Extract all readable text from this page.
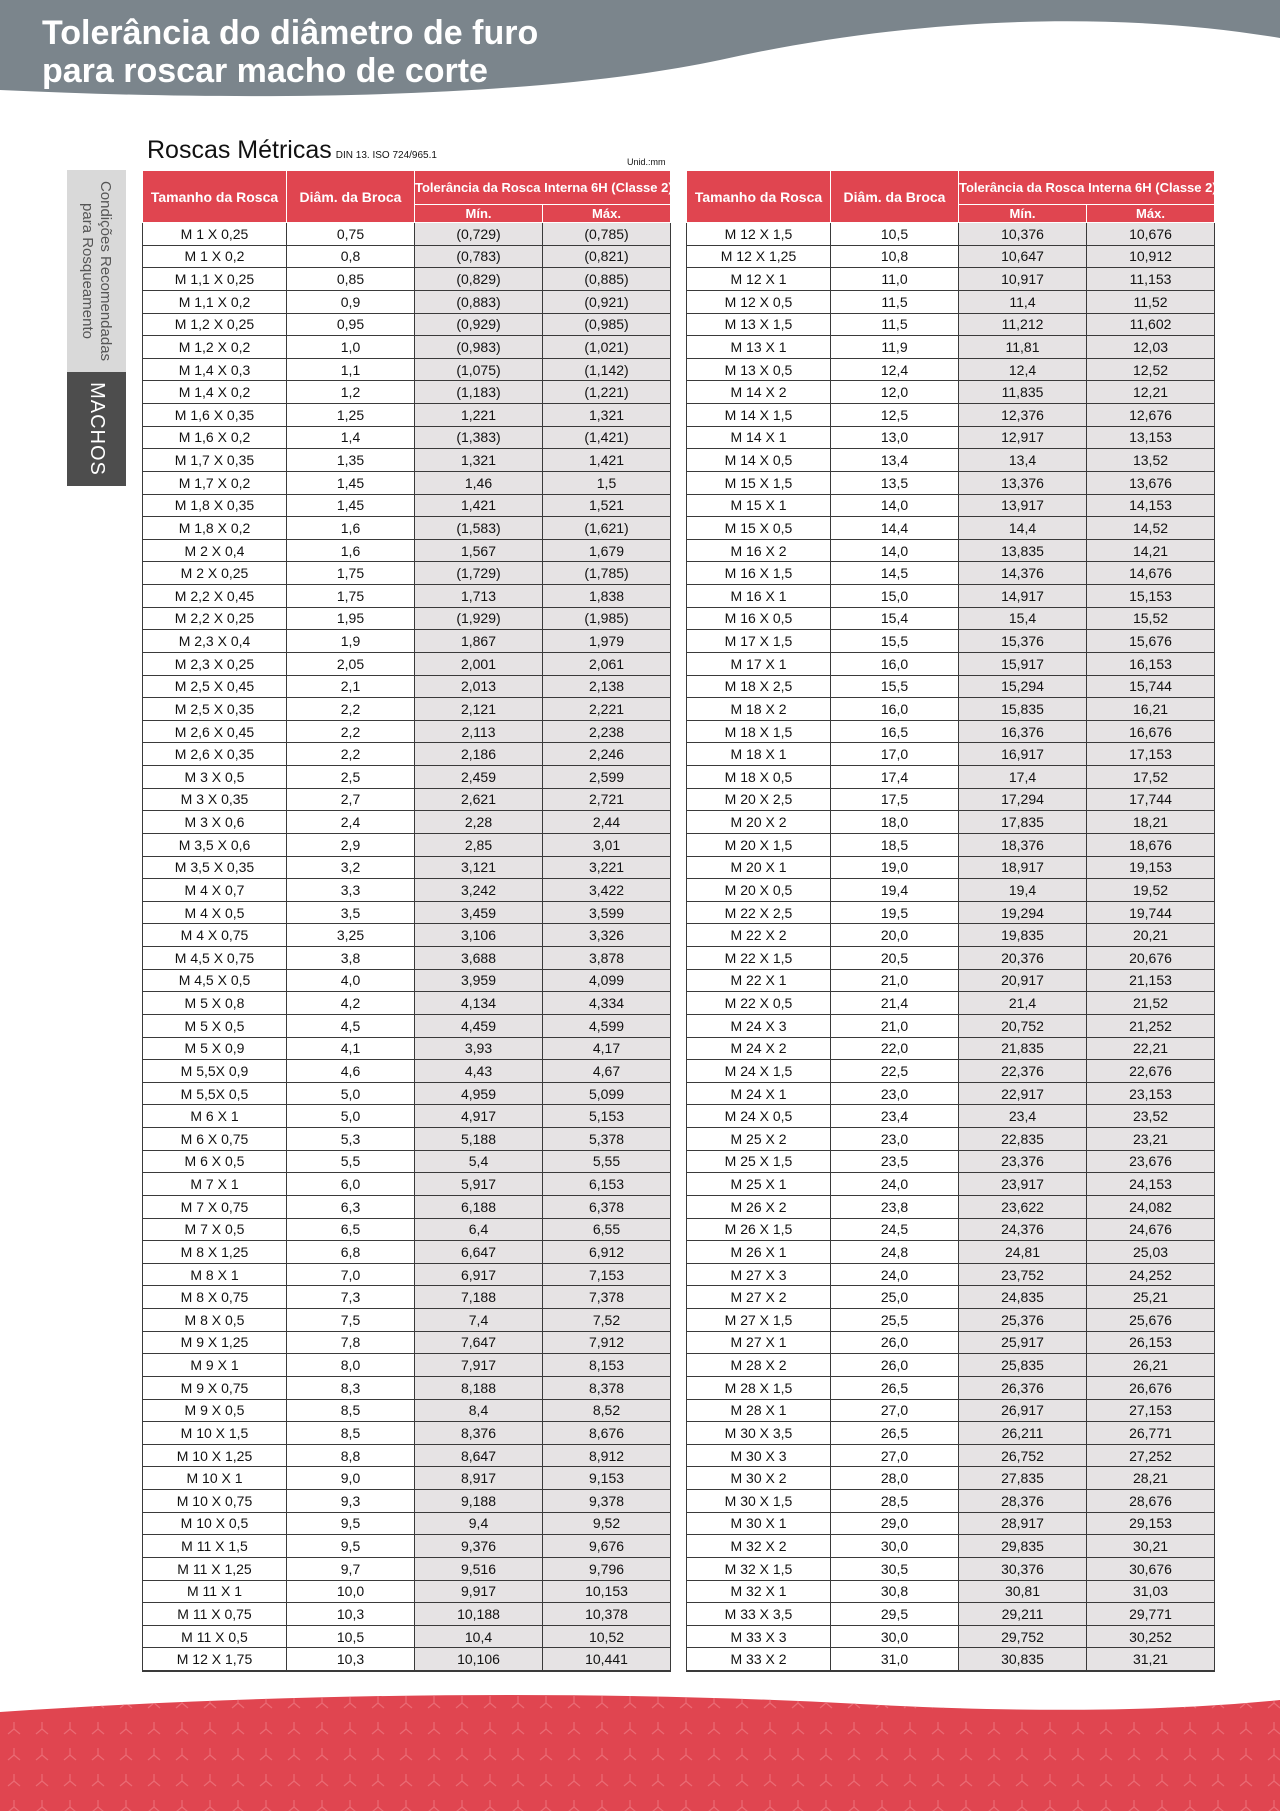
Tolerância do diâmetro de furo
para roscar macho de corte
Condições Recomendadas
para Rosqueamento
MACHOS
Roscas Métricas DIN 13. ISO 724/965.1
Unid.:mm
Tamanho da Rosca	Diâm. da Broca	Tolerância da Rosca Interna 6H (Classe 2)	
		Mín.	Máx.
M 1 X 0,25	0,75	(0,729)	(0,785)
M 1 X 0,2	0,8	(0,783)	(0,821)
M 1,1 X 0,25	0,85	(0,829)	(0,885)
M 1,1 X 0,2	0,9	(0,883)	(0,921)
M 1,2 X 0,25	0,95	(0,929)	(0,985)
M 1,2 X 0,2	1,0	(0,983)	(1,021)
M 1,4 X 0,3	1,1	(1,075)	(1,142)
M 1,4 X 0,2	1,2	(1,183)	(1,221)
M 1,6 X 0,35	1,25	1,221	1,321
M 1,6 X 0,2	1,4	(1,383)	(1,421)
M 1,7 X 0,35	1,35	1,321	1,421
M 1,7 X 0,2	1,45	1,46	1,5
M 1,8 X 0,35	1,45	1,421	1,521
M 1,8 X 0,2	1,6	(1,583)	(1,621)
M 2 X 0,4	1,6	1,567	1,679
M 2 X 0,25	1,75	(1,729)	(1,785)
M 2,2 X 0,45	1,75	1,713	1,838
M 2,2 X 0,25	1,95	(1,929)	(1,985)
M 2,3 X 0,4	1,9	1,867	1,979
M 2,3 X 0,25	2,05	2,001	2,061
M 2,5 X 0,45	2,1	2,013	2,138
M 2,5 X 0,35	2,2	2,121	2,221
M 2,6 X 0,45	2,2	2,113	2,238
M 2,6 X 0,35	2,2	2,186	2,246
M 3 X 0,5	2,5	2,459	2,599
M 3 X 0,35	2,7	2,621	2,721
M 3 X 0,6	2,4	2,28	2,44
M 3,5 X 0,6	2,9	2,85	3,01
M 3,5 X 0,35	3,2	3,121	3,221
M 4 X 0,7	3,3	3,242	3,422
M 4 X 0,5	3,5	3,459	3,599
M 4 X 0,75	3,25	3,106	3,326
M 4,5 X 0,75	3,8	3,688	3,878
M 4,5 X 0,5	4,0	3,959	4,099
M 5 X 0,8	4,2	4,134	4,334
M 5 X 0,5	4,5	4,459	4,599
M 5 X 0,9	4,1	3,93	4,17
M 5,5X 0,9	4,6	4,43	4,67
M 5,5X 0,5	5,0	4,959	5,099
M 6 X 1	5,0	4,917	5,153
M 6 X 0,75	5,3	5,188	5,378
M 6 X 0,5	5,5	5,4	5,55
M 7 X 1	6,0	5,917	6,153
M 7 X 0,75	6,3	6,188	6,378
M 7 X 0,5	6,5	6,4	6,55
M 8 X 1,25	6,8	6,647	6,912
M 8 X 1	7,0	6,917	7,153
M 8 X 0,75	7,3	7,188	7,378
M 8 X 0,5	7,5	7,4	7,52
M 9 X 1,25	7,8	7,647	7,912
M 9 X 1	8,0	7,917	8,153
M 9 X 0,75	8,3	8,188	8,378
M 9 X 0,5	8,5	8,4	8,52
M 10 X 1,5	8,5	8,376	8,676
M 10 X 1,25	8,8	8,647	8,912
M 10 X 1	9,0	8,917	9,153
M 10 X 0,75	9,3	9,188	9,378
M 10 X 0,5	9,5	9,4	9,52
M 11 X 1,5	9,5	9,376	9,676
M 11 X 1,25	9,7	9,516	9,796
M 11 X 1	10,0	9,917	10,153
M 11 X 0,75	10,3	10,188	10,378
M 11 X 0,5	10,5	10,4	10,52
M 12 X 1,75	10,3	10,106	10,441
Tamanho da Rosca	Diâm. da Broca	Tolerância da Rosca Interna 6H (Classe 2)	
		Mín.	Máx.
M 12 X 1,5	10,5	10,376	10,676
M 12 X 1,25	10,8	10,647	10,912
M 12 X 1	11,0	10,917	11,153
M 12 X 0,5	11,5	11,4	11,52
M 13 X 1,5	11,5	11,212	11,602
M 13 X 1	11,9	11,81	12,03
M 13 X 0,5	12,4	12,4	12,52
M 14 X 2	12,0	11,835	12,21
M 14 X 1,5	12,5	12,376	12,676
M 14 X 1	13,0	12,917	13,153
M 14 X 0,5	13,4	13,4	13,52
M 15 X 1,5	13,5	13,376	13,676
M 15 X 1	14,0	13,917	14,153
M 15 X 0,5	14,4	14,4	14,52
M 16 X 2	14,0	13,835	14,21
M 16 X 1,5	14,5	14,376	14,676
M 16 X 1	15,0	14,917	15,153
M 16 X 0,5	15,4	15,4	15,52
M 17 X 1,5	15,5	15,376	15,676
M 17 X 1	16,0	15,917	16,153
M 18 X 2,5	15,5	15,294	15,744
M 18 X 2	16,0	15,835	16,21
M 18 X 1,5	16,5	16,376	16,676
M 18 X 1	17,0	16,917	17,153
M 18 X 0,5	17,4	17,4	17,52
M 20 X 2,5	17,5	17,294	17,744
M 20 X 2	18,0	17,835	18,21
M 20 X 1,5	18,5	18,376	18,676
M 20 X 1	19,0	18,917	19,153
M 20 X 0,5	19,4	19,4	19,52
M 22 X 2,5	19,5	19,294	19,744
M 22 X 2	20,0	19,835	20,21
M 22 X 1,5	20,5	20,376	20,676
M 22 X 1	21,0	20,917	21,153
M 22 X 0,5	21,4	21,4	21,52
M 24 X 3	21,0	20,752	21,252
M 24 X 2	22,0	21,835	22,21
M 24 X 1,5	22,5	22,376	22,676
M 24 X 1	23,0	22,917	23,153
M 24 X 0,5	23,4	23,4	23,52
M 25 X 2	23,0	22,835	23,21
M 25 X 1,5	23,5	23,376	23,676
M 25 X 1	24,0	23,917	24,153
M 26 X 2	23,8	23,622	24,082
M 26 X 1,5	24,5	24,376	24,676
M 26 X 1	24,8	24,81	25,03
M 27 X 3	24,0	23,752	24,252
M 27 X 2	25,0	24,835	25,21
M 27 X 1,5	25,5	25,376	25,676
M 27 X 1	26,0	25,917	26,153
M 28 X 2	26,0	25,835	26,21
M 28 X 1,5	26,5	26,376	26,676
M 28 X 1	27,0	26,917	27,153
M 30 X 3,5	26,5	26,211	26,771
M 30 X 3	27,0	26,752	27,252
M 30 X 2	28,0	27,835	28,21
M 30 X 1,5	28,5	28,376	28,676
M 30 X 1	29,0	28,917	29,153
M 32 X 2	30,0	29,835	30,21
M 32 X 1,5	30,5	30,376	30,676
M 32 X 1	30,8	30,81	31,03
M 33 X 3,5	29,5	29,211	29,771
M 33 X 3	30,0	29,752	30,252
M 33 X 2	31,0	30,835	31,21
